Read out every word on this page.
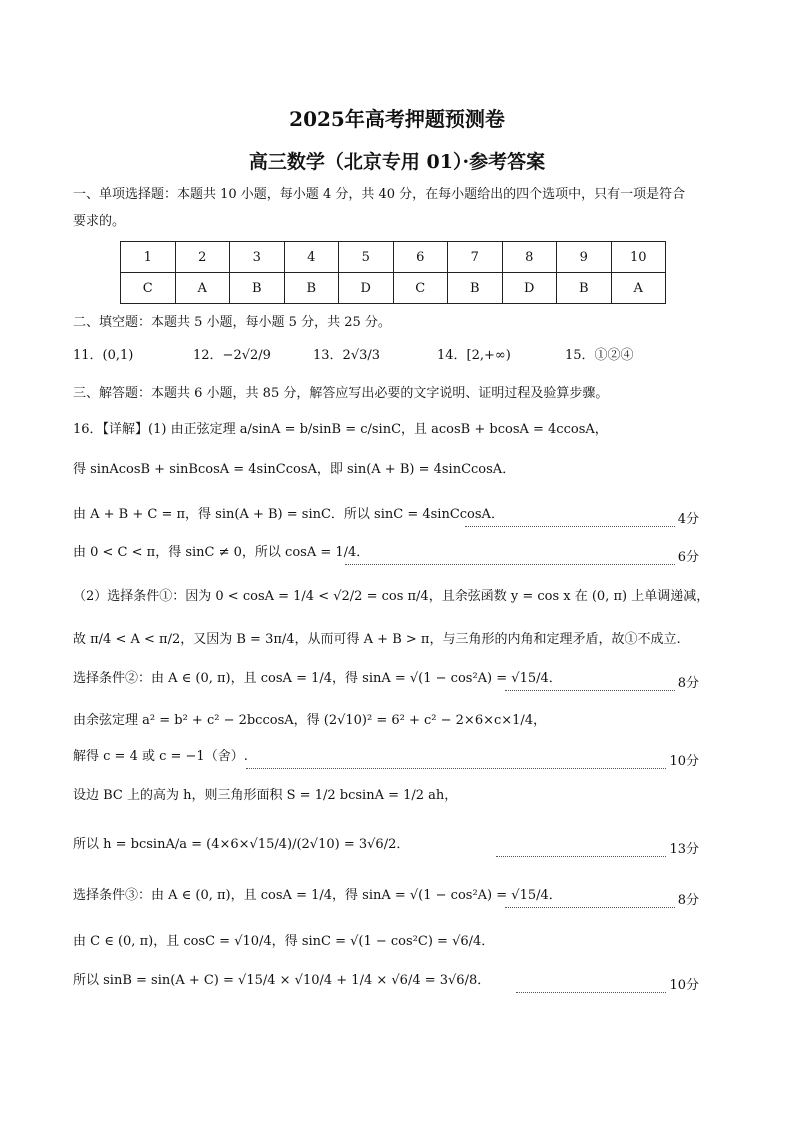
2025年高考押题预测卷
高三数学（北京专用 01）·参考答案
一、单项选择题：本题共 10 小题，每小题 4 分，共 40 分，在每小题给出的四个选项中，只有一项是符合
要求的。
1	2	3	4	5	6	7	8	9	10
C	A	B	B	D	C	B	D	B	A
二、填空题：本题共 5 小题，每小题 5 分，共 25 分。
11．(0,1)	12．−2√2/9	13．2√3/3	14．[2,+∞)	15．①②④
三、解答题：本题共 6 小题，共 85 分，解答应写出必要的文字说明、证明过程及验算步骤。
16．【详解】(1) 由正弦定理 a/sinA = b/sinB = c/sinC，且 acosB + bcosA = 4ccosA，
得 sinAcosB + sinBcosA = 4sinCcosA，即 sin(A + B) = 4sinCcosA．
由 A + B + C = π，得 sin(A + B) = sinC．所以 sinC = 4sinCcosA．	4分
由 0 < C < π，得 sinC ≠ 0，所以 cosA = 1/4．	6分
（2）选择条件①：因为 0 < cosA = 1/4 < √2/2 = cos π/4，且余弦函数 y = cos x 在 (0, π) 上单调递减，
故 π/4 < A < π/2，又因为 B = 3π/4，从而可得 A + B > π，与三角形的内角和定理矛盾，故①不成立.
选择条件②：由 A ∈ (0, π)，且 cosA = 1/4，得 sinA = √(1 − cos²A) = √15/4．	8分
由余弦定理 a² = b² + c² − 2bccosA，得 (2√10)² = 6² + c² − 2×6×c×1/4，
解得 c = 4 或 c = −1（舍）.	10分
设边 BC 上的高为 h，则三角形面积 S = 1/2 bcsinA = 1/2 ah，
所以 h = bcsinA/a = (4×6×√15/4)/(2√10) = 3√6/2．	13分
选择条件③：由 A ∈ (0, π)，且 cosA = 1/4，得 sinA = √(1 − cos²A) = √15/4．	8分
由 C ∈ (0, π)，且 cosC = √10/4，得 sinC = √(1 − cos²C) = √6/4．
所以 sinB = sin(A + C) = √15/4 × √10/4 + 1/4 × √6/4 = 3√6/8．	10分
